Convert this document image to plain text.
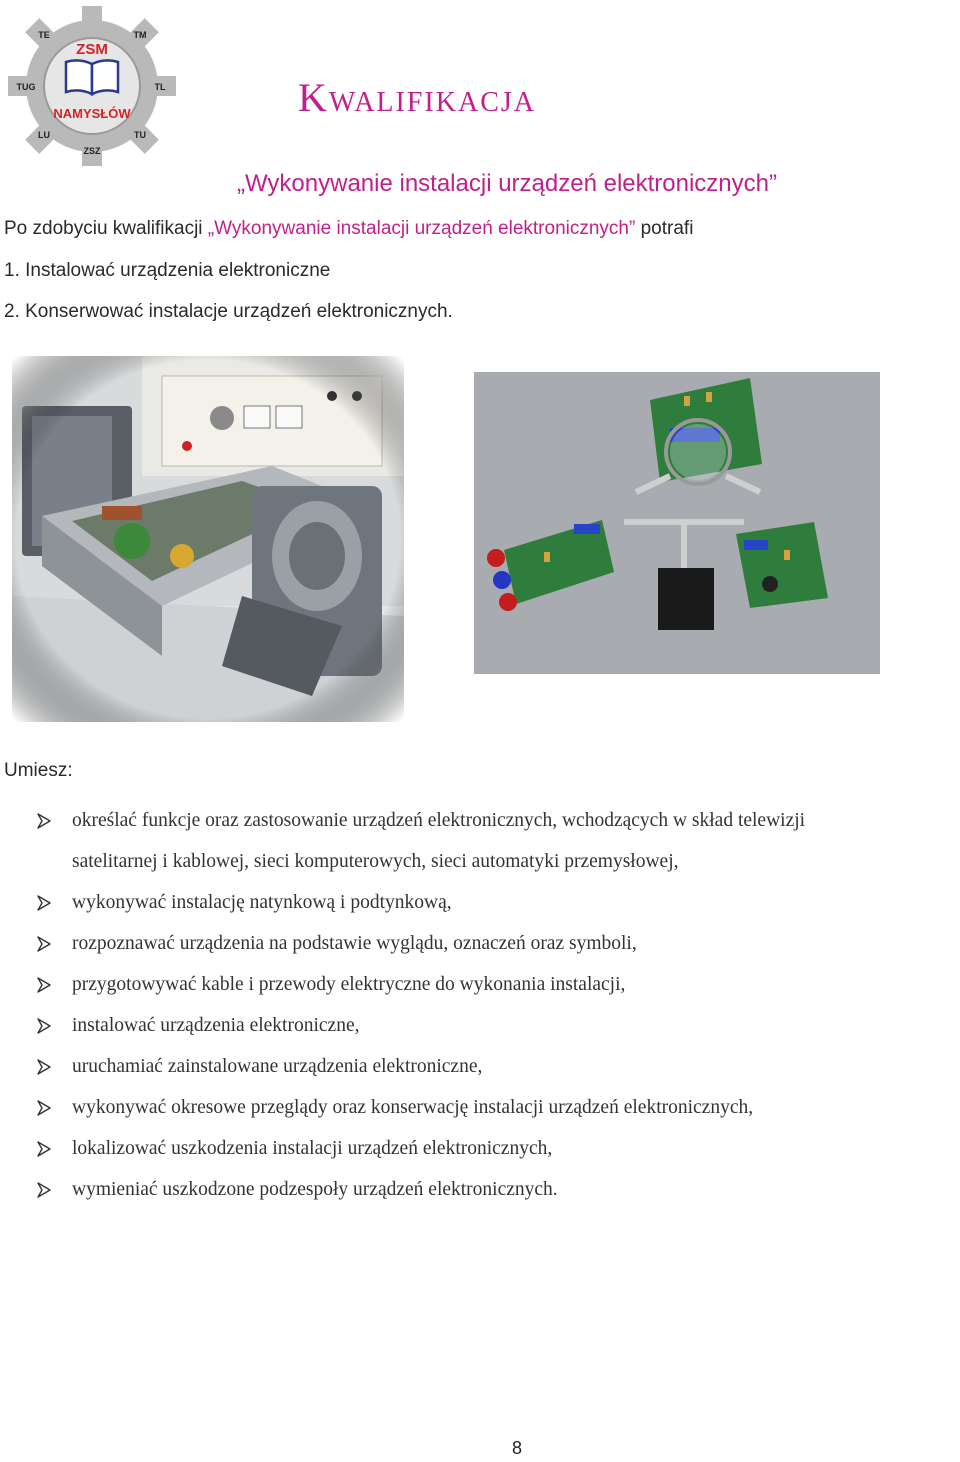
ZSM
NAMYSŁÓW
TE	TM
TUG	TL
LU	TU
ZSZ
Kwalifikacja
„Wykonywanie instalacji urządzeń elektronicznych”
Po zdobyciu kwalifikacji „Wykonywanie instalacji urządzeń elektronicznych” potrafi
1. Instalować urządzenia elektroniczne
2. Konserwować instalacje urządzeń elektronicznych.
Umiesz:
określać funkcje oraz zastosowanie urządzeń elektronicznych, wchodzących w skład telewizji
satelitarnej i kablowej, sieci komputerowych, sieci automatyki przemysłowej,
wykonywać instalację natynkową i podtynkową,
rozpoznawać urządzenia na podstawie wyglądu, oznaczeń oraz symboli,
przygotowywać kable i przewody elektryczne do wykonania instalacji,
instalować urządzenia elektroniczne,
uruchamiać zainstalowane urządzenia elektroniczne,
wykonywać okresowe przeglądy oraz konserwację instalacji urządzeń elektronicznych,
lokalizować uszkodzenia instalacji urządzeń elektronicznych,
wymieniać uszkodzone podzespoły urządzeń elektronicznych.
8
